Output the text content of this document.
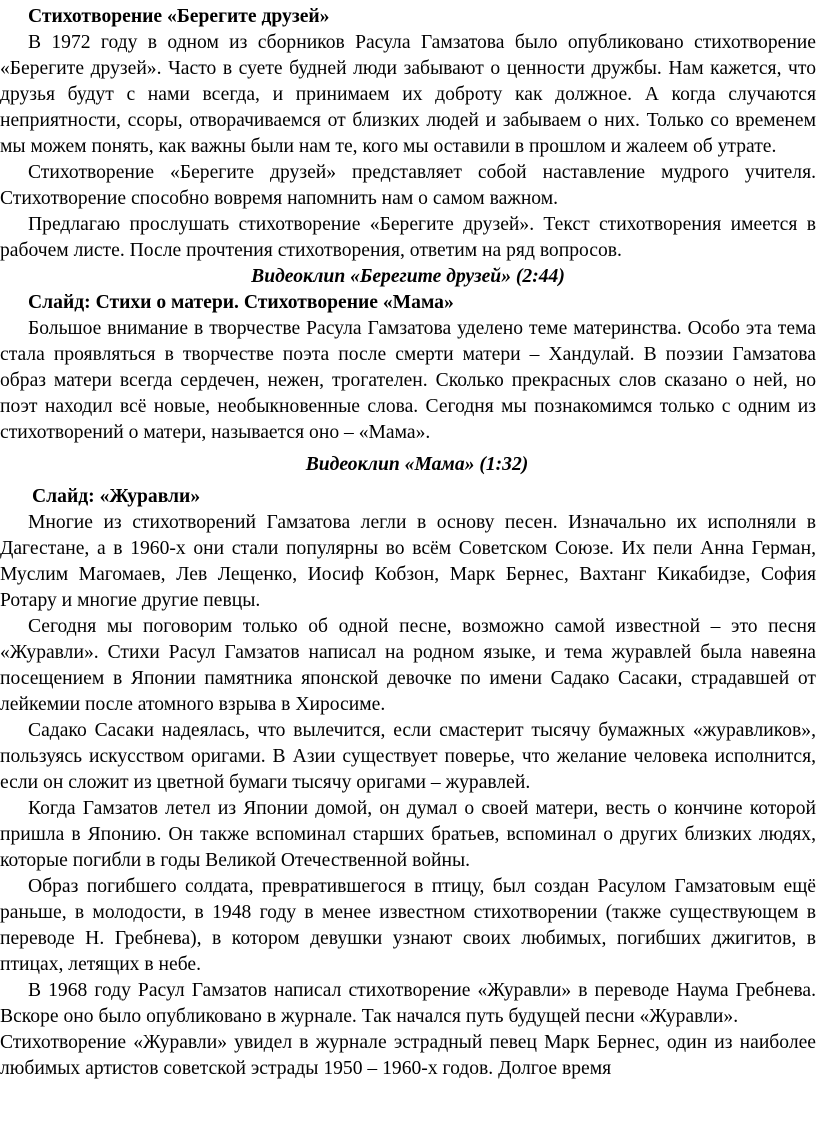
Стихотворение «Берегите друзей»

В 1972 году в одном из сборников Расула Гамзатова было опубликовано стихотворение «Берегите друзей». Часто в суете будней люди забывают о ценности дружбы. Нам кажется, что друзья будут с нами всегда, и принимаем их доброту как должное. А когда случаются неприятности, ссоры, отворачиваемся от близких людей и забываем о них. Только со временем мы можем понять, как важны были нам те, кого мы оставили в прошлом и жалеем об утрате.

Стихотворение «Берегите друзей» представляет собой наставление мудрого учителя. Стихотворение способно вовремя напомнить нам о самом важном.

Предлагаю прослушать стихотворение «Берегите друзей». Текст стихотворения имеется в рабочем листе. После прочтения стихотворения, ответим на ряд вопросов.

Видеоклип «Берегите друзей» (2:44)

Слайд: Стихи о матери. Стихотворение «Мама»

Большое внимание в творчестве Расула Гамзатова уделено теме материнства. Особо эта тема стала проявляться в творчестве поэта после смерти матери – Хандулай. В поэзии Гамзатова образ матери всегда сердечен, нежен, трогателен. Сколько прекрасных слов сказано о ней, но поэт находил всё новые, необыкновенные слова. Сегодня мы познакомимся только с одним из стихотворений о матери, называется оно – «Мама».

Видеоклип «Мама» (1:32)

Слайд: «Журавли»

Многие из стихотворений Гамзатова легли в основу песен. Изначально их исполняли в Дагестане, а в 1960-х они стали популярны во всём Советском Союзе. Их пели Анна Герман, Муслим Магомаев, Лев Лещенко, Иосиф Кобзон, Марк Бернес, Вахтанг Кикабидзе, София Ротару и многие другие певцы.

Сегодня мы поговорим только об одной песне, возможно самой известной – это песня «Журавли». Стихи Расул Гамзатов написал на родном языке, и тема журавлей была навеяна посещением в Японии памятника японской девочке по имени Садако Сасаки, страдавшей от лейкемии после атомного взрыва в Хиросиме.

Садако Сасаки надеялась, что вылечится, если смастерит тысячу бумажных «журавликов», пользуясь искусством оригами. В Азии существует поверье, что желание человека исполнится, если он сложит из цветной бумаги тысячу оригами – журавлей.

Когда Гамзатов летел из Японии домой, он думал о своей матери, весть о кончине которой пришла в Японию. Он также вспоминал старших братьев, вспоминал о других близких людях, которые погибли в годы Великой Отечественной войны.

Образ погибшего солдата, превратившегося в птицу, был создан Расулом Гамзатовым ещё раньше, в молодости, в 1948 году в менее известном стихотворении (также существующем в переводе Н. Гребнева), в котором девушки узнают своих любимых, погибших джигитов, в птицах, летящих в небе.

В 1968 году Расул Гамзатов написал стихотворение «Журавли» в переводе Наума Гребнева. Вскоре оно было опубликовано в журнале. Так начался путь будущей песни «Журавли».

Стихотворение «Журавли» увидел в журнале эстрадный певец Марк Бернес, один из наиболее любимых артистов советской эстрады 1950 – 1960-х годов. Долгое время
